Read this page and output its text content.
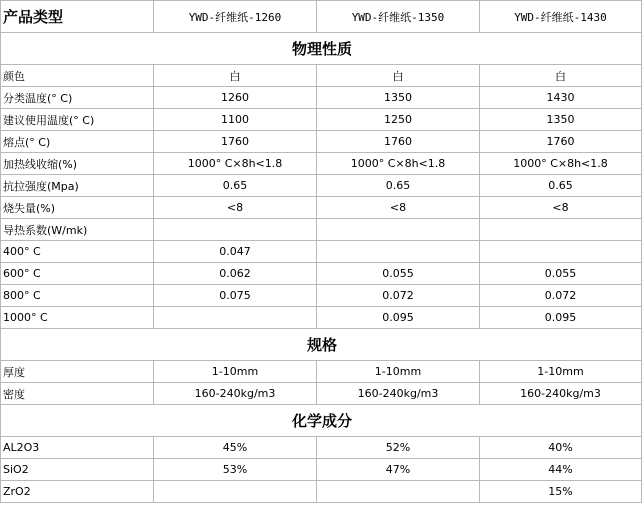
产品类型	YWD-纤维纸-1260	YWD-纤维纸-1350	YWD-纤维纸-1430
物理性质			
颜色	白	白	白
分类温度(° C)	1260	1350	1430
建议使用温度(° C)	1100	1250	1350
熔点(° C)	1760	1760	1760
加热线收缩(%)	1000° C×8h<1.8	1000° C×8h<1.8	1000° C×8h<1.8
抗拉强度(Mpa)	0.65	0.65	0.65
烧失量(%)	<8	<8	<8
导热系数(W/mk)			
400° C	0.047		
600° C	0.062	0.055	0.055
800° C	0.075	0.072	0.072
1000° C		0.095	0.095
规格			
厚度	1-10mm	1-10mm	1-10mm
密度	160-240kg/m3	160-240kg/m3	160-240kg/m3
化学成分			
AL2O3	45%	52%	40%
SiO2	53%	47%	44%
ZrO2			15%
